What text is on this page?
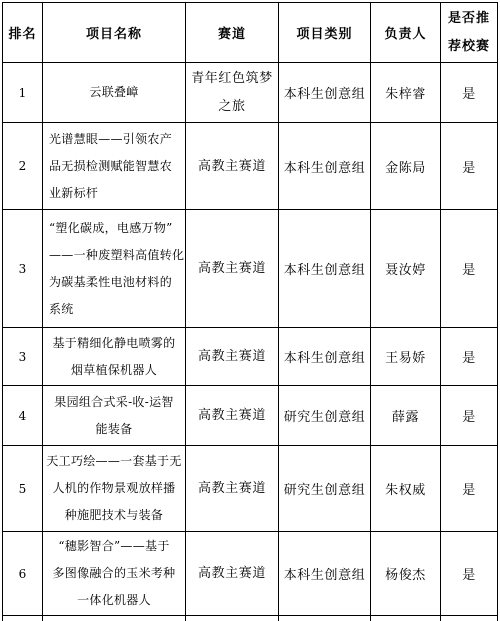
排名	项目名称	赛道	项目类别	负责人	是否推
荐校赛

1	云联叠嶂	青年红色筑梦
之旅	本科生创意组	朱梓睿	是
2	光谱慧眼——引领农产
品无损检测赋能智慧农
业新标杆	高教主赛道	本科生创意组	金陈局	是
3	“塑化碳成，电感万物”
——一种废塑料高值转化
为碳基柔性电池材料的
系统	高教主赛道	本科生创意组	聂汝婷	是
3	基于精细化静电喷雾的
烟草植保机器人	高教主赛道	本科生创意组	王易娇	是
4	果园组合式采-收-运智
能装备	高教主赛道	研究生创意组	薛露	是
5	天工巧绘——一套基于无
人机的作物景观放样播
种施肥技术与装备	高教主赛道	研究生创意组	朱权威	是
6	“穗影智合”——基于
多图像融合的玉米考种
一体化机器人	高教主赛道	本科生创意组	杨俊杰	是
